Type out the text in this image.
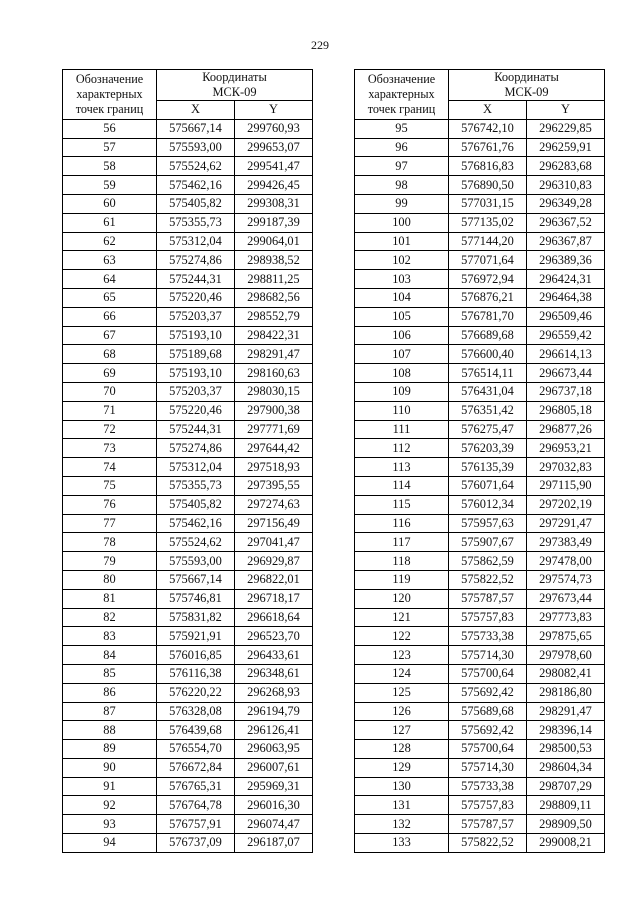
229
Обозначение
характерных
точек границ	Координаты
МСК-09	
	X	Y
56	575667,14	299760,93
57	575593,00	299653,07
58	575524,62	299541,47
59	575462,16	299426,45
60	575405,82	299308,31
61	575355,73	299187,39
62	575312,04	299064,01
63	575274,86	298938,52
64	575244,31	298811,25
65	575220,46	298682,56
66	575203,37	298552,79
67	575193,10	298422,31
68	575189,68	298291,47
69	575193,10	298160,63
70	575203,37	298030,15
71	575220,46	297900,38
72	575244,31	297771,69
73	575274,86	297644,42
74	575312,04	297518,93
75	575355,73	297395,55
76	575405,82	297274,63
77	575462,16	297156,49
78	575524,62	297041,47
79	575593,00	296929,87
80	575667,14	296822,01
81	575746,81	296718,17
82	575831,82	296618,64
83	575921,91	296523,70
84	576016,85	296433,61
85	576116,38	296348,61
86	576220,22	296268,93
87	576328,08	296194,79
88	576439,68	296126,41
89	576554,70	296063,95
90	576672,84	296007,61
91	576765,31	295969,31
92	576764,78	296016,30
93	576757,91	296074,47
94	576737,09	296187,07
Обозначение
характерных
точек границ	Координаты
МСК-09	
	X	Y
95	576742,10	296229,85
96	576761,76	296259,91
97	576816,83	296283,68
98	576890,50	296310,83
99	577031,15	296349,28
100	577135,02	296367,52
101	577144,20	296367,87
102	577071,64	296389,36
103	576972,94	296424,31
104	576876,21	296464,38
105	576781,70	296509,46
106	576689,68	296559,42
107	576600,40	296614,13
108	576514,11	296673,44
109	576431,04	296737,18
110	576351,42	296805,18
111	576275,47	296877,26
112	576203,39	296953,21
113	576135,39	297032,83
114	576071,64	297115,90
115	576012,34	297202,19
116	575957,63	297291,47
117	575907,67	297383,49
118	575862,59	297478,00
119	575822,52	297574,73
120	575787,57	297673,44
121	575757,83	297773,83
122	575733,38	297875,65
123	575714,30	297978,60
124	575700,64	298082,41
125	575692,42	298186,80
126	575689,68	298291,47
127	575692,42	298396,14
128	575700,64	298500,53
129	575714,30	298604,34
130	575733,38	298707,29
131	575757,83	298809,11
132	575787,57	298909,50
133	575822,52	299008,21
